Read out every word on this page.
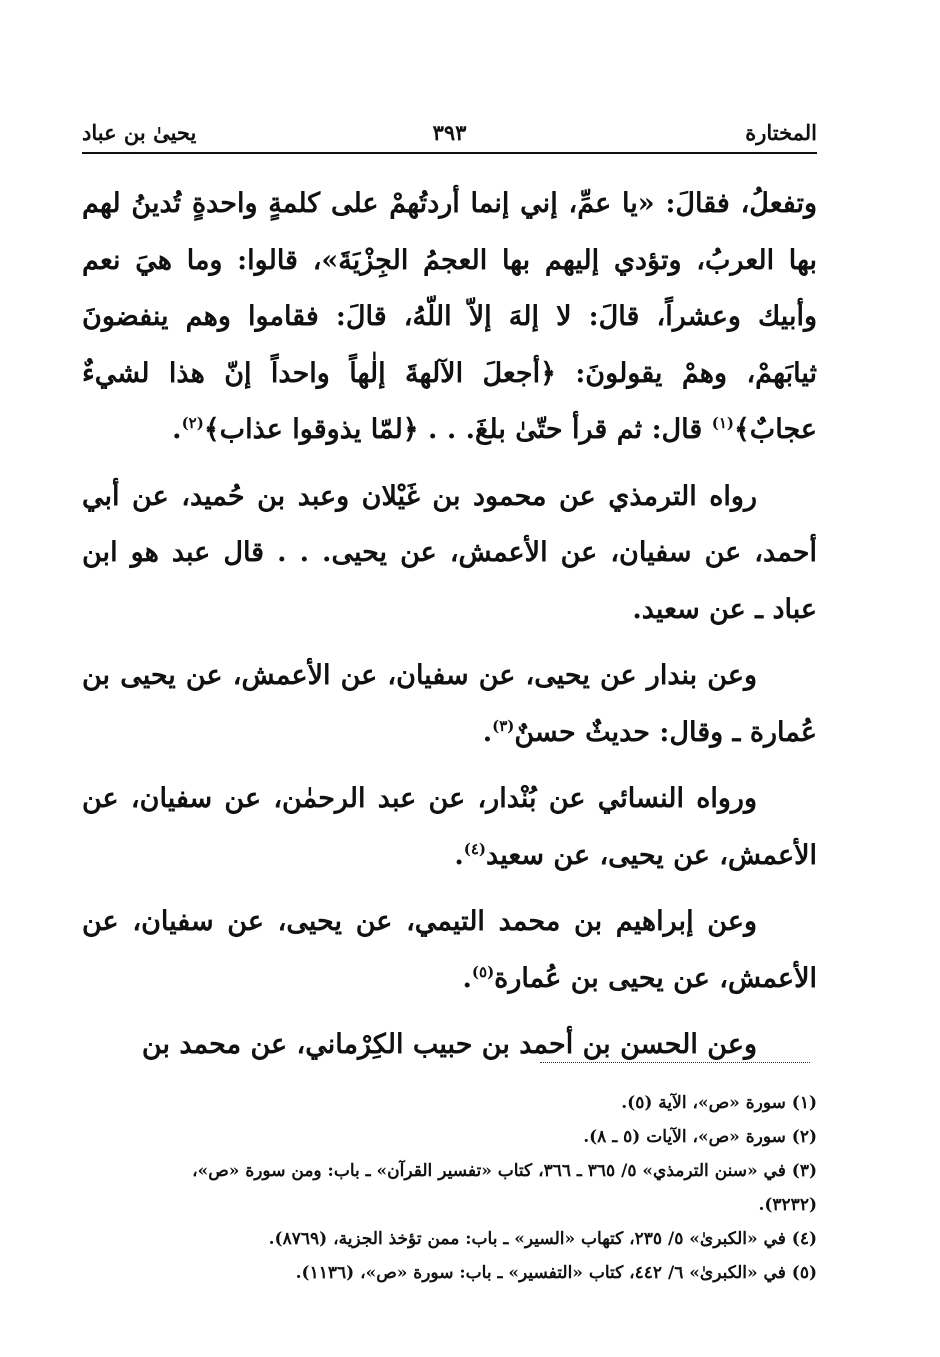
المختارة
٣٩٣
يحيىٰ بن عباد

وتفعلُ، فقالَ: «يا عمِّ، إني إنما أردتُهمْ على كلمةٍ واحدةٍ تُدينُ لهم بها العربُ، وتؤدي إليهم بها العجمُ الجِزْيَةَ»، قالوا: وما هيَ نعم وأبيك وعشراً، قالَ: لا إلهَ إلاّ اللّهُ، قالَ: فقاموا وهم ينفضونَ ثيابَهمْ، وهمْ يقولونَ: ﴿أجعلَ الآلهةَ إلٰهاً واحداً إنّ هذا لشيءٌ عجابٌ﴾$^{(١)}$ قال: ثم قرأ حتّىٰ بلغَ. . . ﴿لمّا يذوقوا عذاب﴾$^{(٢)}$.

رواه الترمذي عن محمود بن غَيْلان وعبد بن حُميد، عن أبي أحمد، عن سفيان، عن الأعمش، عن يحيى. . . قال عبد هو ابن عباد ـ عن سعيد.

وعن بندار عن يحيى، عن سفيان، عن الأعمش، عن يحيى بن عُمارة ـ وقال: حديثٌ حسنٌ$^{(٣)}$.

ورواه النسائي عن بُنْدار، عن عبد الرحمٰن، عن سفيان، عن الأعمش، عن يحيى، عن سعيد$^{(٤)}$.

وعن إبراهيم بن محمد التيمي، عن يحيى، عن سفيان، عن الأعمش، عن يحيى بن عُمارة$^{(٥)}$.

وعن الحسن بن أحمد بن حبيب الكِرْماني، عن محمد بن

(١) سورة «ص»، الآية (٥).
(٢) سورة «ص»، الآيات (٥ ـ ٨).
(٣) في «سنن الترمذي» ٥/ ٣٦٥ ـ ٣٦٦، كتاب «تفسير القرآن» ـ باب: ومن سورة «ص»، (٣٢٣٢).
(٤) في «الكبرىٰ» ٥/ ٢٣٥، كتهاب «السير» ـ باب: ممن تؤخذ الجزية، (٨٧٦٩).
(٥) في «الكبرىٰ» ٦/ ٤٤٢، كتاب «التفسير» ـ باب: سورة «ص»، (١١٣٦).
